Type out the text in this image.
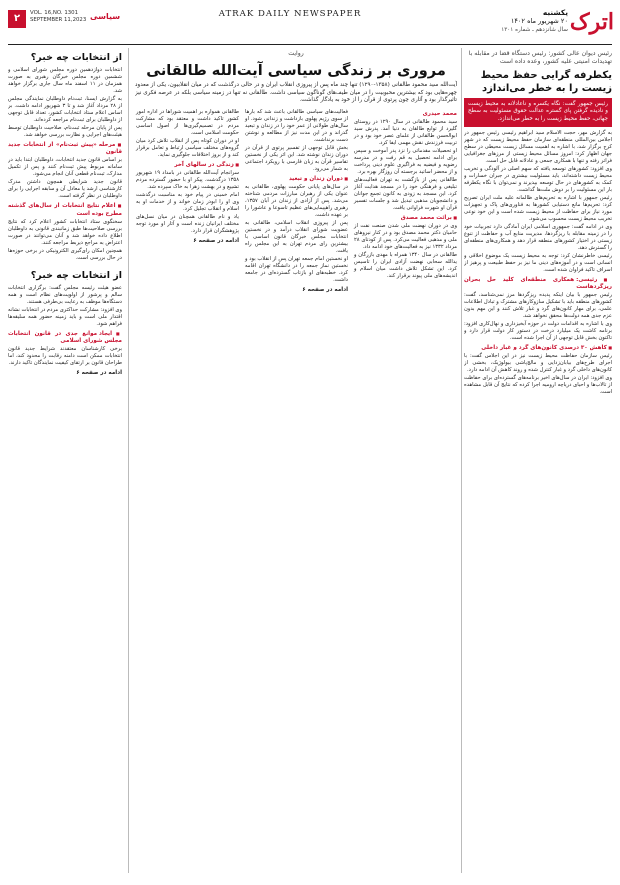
اترک
یکشنبه
۲۰ شهریور ماه ۱۴۰۲
سال شانزدهم ـ شماره ۱۳۰۱
ATRAK DAILY NEWSPAPER
۲	VOL. 16,NO. 1301
SEPTEMBER 11,2023 سیاسی
رئیس دیوان عالی کشور: رئیس دستگاه قضا در مقابله با تهدیدات امنیتی علیه کشور، وعده داده است
یکطرفه گرایی حفظ محیط زیست را به خطر می‌اندازد
رئیس جمهور گفت: نگاه یکسره و ناعادلانه به محیط زیست و نادیده گرفتن پای گستره عدالت حقوق مسئولیت به سطح جهانی، حفظ محیط زیست را به خطر می‌اندازد.

به گزارش مهر، حجت الاسلام سید ابراهیم رئیسی رئیس جمهور در اجلاس بین‌المللی منطقه‌ای سازمان حفظ محیط زیست که در شهر کرج برگزار شد، با اشاره به اهمیت مسائل زیست محیطی در سطح جهان اظهار کرد: امروز مسائل محیط زیستی از مرزهای جغرافیایی فراتر رفته و تنها با همکاری جمعی و عادلانه قابل حل است.

وی افزود: کشورهای توسعه یافته که سهم اصلی در آلودگی و تخریب محیط زیست داشته‌اند، باید مسئولیت بیشتری در جبران خسارات و کمک به کشورهای در حال توسعه بپذیرند و نمی‌توان با نگاه یکطرفه بار این مسئولیت را بر دوش ملت‌ها گذاشت.

رئیس جمهور با اشاره به تحریم‌های ظالمانه علیه ملت ایران تصریح کرد: تحریم‌ها مانع دستیابی کشورها به فناوری‌های پاک و تجهیزات مورد نیاز برای حفاظت از محیط زیست شده است و این خود نوعی تخریب محیط زیست محسوب می‌شود.

وی در ادامه گفت: جمهوری اسلامی ایران آمادگی دارد تجربیات خود را در زمینه مقابله با ریزگردها، مدیریت منابع آب و حفاظت از تنوع زیستی در اختیار کشورهای منطقه قرار دهد و همکاری‌های منطقه‌ای را گسترش دهد.

رئیسی خاطرنشان کرد: توجه به محیط زیست یک موضوع اخلاقی و انسانی است و در آموزه‌های دینی ما نیز بر حفظ طبیعت و پرهیز از اسراف تاکید فراوان شده است.

■ رئیسی: همکاری منطقه‌ای کلید حل بحران ریزگردهاست

رئیس جمهور با بیان اینکه پدیده ریزگردها مرز نمی‌شناسد، گفت: کشورهای منطقه باید با تشکیل سازوکارهای مشترک و تبادل اطلاعات علمی، برای مهار کانون‌های گرد و غبار تلاش کنند و این مهم بدون عزم جدی همه دولت‌ها محقق نخواهد شد.

وی با اشاره به اقدامات دولت در حوزه آبخیزداری و نهال‌کاری افزود: برنامه کاشت یک میلیارد درخت در دستور کار دولت قرار دارد و تاکنون بخش قابل توجهی از آن اجرا شده است.

■ کاهش ۳۰ درصدی کانون‌های گرد و غبار داخلی

رئیس سازمان حفاظت محیط زیست نیز در این اجلاس گفت: با اجرای طرح‌های بیابان‌زدایی و مالچ‌پاشی بیولوژیک، بخشی از کانون‌های داخلی گرد و غبار کنترل شده و روند کاهش آن ادامه دارد.

وی افزود: ایران در سال‌های اخیر برنامه‌های گسترده‌ای برای حفاظت از تالاب‌ها و احیای دریاچه ارومیه اجرا کرده که نتایج آن قابل مشاهده است.

روایت
مروری بر زندگی سیاسی آیت‌الله طالقانی
آیت‌الله سید محمود طالقانی (۱۳۵۸-۱۲۹۰) تنها چند ماه پس از پیروزی انقلاب ایران و در حالی درگذشت که در میان انقلابیون، یکی از معدود چهره‌هایی بود که بیشترین محبوبیت را در میان طیف‌های گوناگون سیاسی داشت. طالقانی نه تنها در زمینه سیاسی بلکه در عرصه فکری نیز تاثیرگذار بود و آثاری چون پرتوی از قرآن را از خود به یادگار گذاشت.
محمد حیدری

سید محمود طالقانی در سال ۱۲۹۰ در روستای گلیرد از توابع طالقان به دنیا آمد. پدرش سید ابوالحسن طالقانی از علمای عصر خود بود و در تربیت فرزندش نقش مهمی ایفا کرد.

او تحصیلات مقدماتی را نزد پدر آموخت و سپس برای ادامه تحصیل به قم رفت و در مدرسه رضویه و فیضیه به فراگیری علوم دینی پرداخت و از محضر اساتید برجسته آن روزگار بهره برد.

طالقانی پس از بازگشت به تهران فعالیت‌های تبلیغی و فرهنگی خود را در مسجد هدایت آغاز کرد. این مسجد به زودی به کانون تجمع جوانان و دانشجویان مذهبی تبدیل شد و جلسات تفسیر قرآن او شهرت فراوانی یافت.

■ برائت محمد مصدق

وی در دوران نهضت ملی شدن صنعت نفت از حامیان دکتر محمد مصدق بود و در کنار نیروهای ملی و مذهبی فعالیت می‌کرد. پس از کودتای ۲۸ مرداد ۱۳۳۲ نیز به فعالیت‌های خود ادامه داد.

طالقانی در سال ۱۳۴۰ همراه با مهدی بازرگان و یدالله سحابی نهضت آزادی ایران را تاسیس کرد. این تشکل تلاش داشت میان اسلام و اندیشه‌های ملی پیوند برقرار کند.

فعالیت‌های سیاسی طالقانی باعث شد که بارها از سوی رژیم پهلوی بازداشت و زندانی شود. او سال‌های طولانی از عمر خود را در زندان و تبعید گذراند و در این مدت نیز از مطالعه و نوشتن دست برنداشت.

بخش قابل توجهی از تفسیر پرتوی از قرآن در دوران زندان نوشته شد. این اثر یکی از نخستین تفاسیر قرآن به زبان فارسی با رویکرد اجتماعی به شمار می‌رود.

■ دوران زندان و تبعید

در سال‌های پایانی حکومت پهلوی، طالقانی به عنوان یکی از رهبران مبارزات مردمی شناخته می‌شد. پس از آزادی از زندان در آبان ۱۳۵۷، رهبری راهپیمایی‌های عظیم تاسوعا و عاشورا را بر عهده داشت.

پس از پیروزی انقلاب اسلامی، طالقانی به عضویت شورای انقلاب درآمد و در نخستین انتخابات مجلس خبرگان قانون اساسی با بیشترین رای مردم تهران به این مجلس راه یافت.

او نخستین امام جمعه تهران پس از انقلاب بود و نخستین نماز جمعه را در دانشگاه تهران اقامه کرد. خطبه‌های او بازتاب گسترده‌ای در جامعه داشت.

ادامه در صفحه ۶

طالقانی همواره بر اهمیت شوراها در اداره امور کشور تاکید داشت و معتقد بود که مشارکت مردم در تصمیم‌گیری‌ها از اصول اساسی حکومت اسلامی است.

او در دوران کوتاه پس از انقلاب تلاش کرد میان گروه‌های مختلف سیاسی ارتباط و تعامل برقرار کند و از بروز اختلافات جلوگیری نماید.

■ زندگی در سالهای آخر

سرانجام آیت‌الله طالقانی در بامداد ۱۹ شهریور ۱۳۵۸ درگذشت. پیکر او با حضور گسترده مردم تشییع و در بهشت زهرا به خاک سپرده شد.

امام خمینی در پیام خود به مناسبت درگذشت وی او را ابوذر زمان خواند و از خدمات او به اسلام و انقلاب تجلیل کرد.

یاد و نام طالقانی همچنان در میان نسل‌های مختلف ایرانیان زنده است و آثار او مورد توجه پژوهشگران قرار دارد.

ادامه در صفحه ۶
از انتخابات چه خبر؟

انتخابات دوازدهمین دوره مجلس شورای اسلامی و ششمین دوره مجلس خبرگان رهبری به صورت همزمان در ۱۱ اسفند ماه سال جاری برگزار خواهد شد.

به گزارش ایسنا، ثبت‌نام داوطلبان نمایندگی مجلس از ۲۸ مرداد آغاز شد و تا ۳ شهریور ادامه داشت. بر اساس اعلام ستاد انتخابات کشور، تعداد قابل توجهی از داوطلبان برای ثبت‌نام مراجعه کرده‌اند.

پس از پایان مرحله ثبت‌نام، صلاحیت داوطلبان توسط هیئت‌های اجرایی و نظارت بررسی خواهد شد.

■ مرحله «پیش ثبت‌نام» از انتخابات جدید قانون

بر اساس قانون جدید انتخابات، داوطلبان ابتدا باید در سامانه مربوط پیش ثبت‌نام کنند و پس از تکمیل مدارک، ثبت‌نام قطعی آنان انجام می‌شود.

قانون جدید شرایطی همچون داشتن مدرک کارشناسی ارشد یا معادل آن و سابقه اجرایی را برای داوطلبان در نظر گرفته است.

■ اعلام نتایج انتخابات از سال‌های گذشته مطرح بوده است

سخنگوی ستاد انتخابات کشور اعلام کرد که نتایج بررسی صلاحیت‌ها طبق زمانبندی قانونی به داوطلبان اطلاع داده خواهد شد و آنان می‌توانند در صورت اعتراض به مراجع ذیربط مراجعه کنند.

همچنین امکان رای‌گیری الکترونیکی در برخی حوزه‌ها در حال بررسی است.

از انتخابات چه خبر؟

عضو هیئت رئیسه مجلس گفت: برگزاری انتخابات سالم و پرشور از اولویت‌های نظام است و همه دستگاه‌ها موظف به رعایت بی‌طرفی هستند.

وی افزود: مشارکت حداکثری مردم در انتخابات نشانه اقتدار ملی است و باید زمینه حضور همه سلیقه‌ها فراهم شود.

■ ایجاد موانع جدی در قانون انتخابات مجلس شورای اسلامی

برخی کارشناسان معتقدند شرایط جدید قانون انتخابات ممکن است دامنه رقابت را محدود کند، اما طراحان قانون بر ارتقای کیفیت نمایندگان تاکید دارند.

ادامه در صفحه ۶
